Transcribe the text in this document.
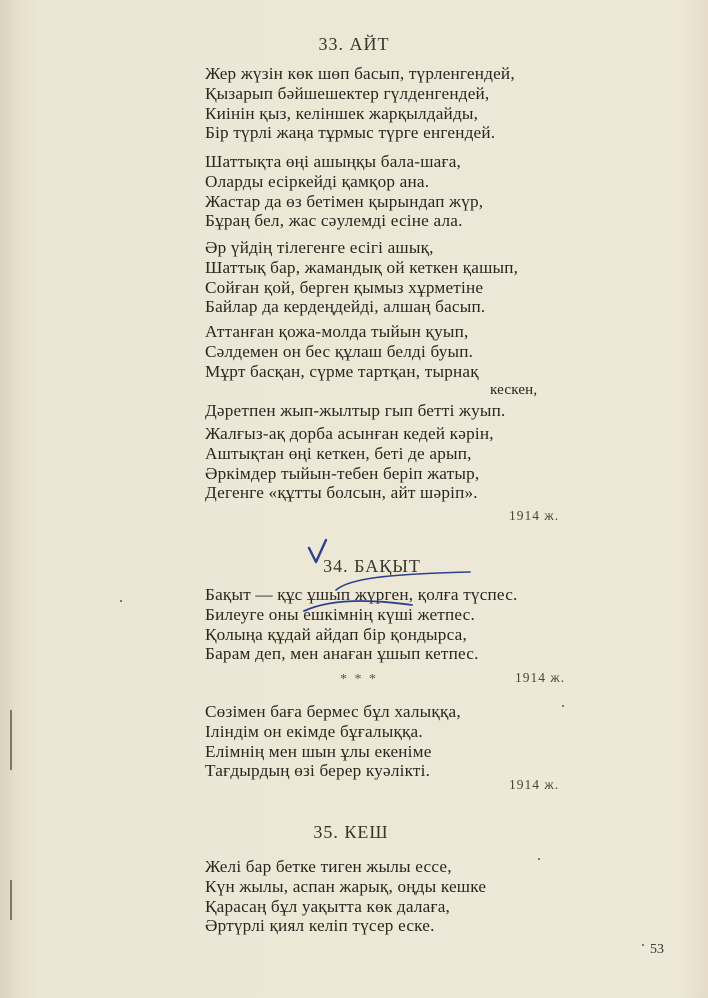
33. АЙТ
Жер жүзін көк шөп басып, түрленгендей,
Қызарып бәйшешектер гүлденгендей,
Киінін қыз, келіншек жарқылдайды,
Бір түрлі жаңа тұрмыс түрге енгендей.
Шаттықта өңі ашыңқы бала-шаға,
Оларды есіркейді қамқор ана.
Жастар да өз бетімен қырындап жүр,
Бұраң бел, жас сәулемді есіне ала.
Әр үйдің тілегенге есігі ашық,
Шаттық бар, жамандық ой кеткен қашып,
Сойған қой, берген қымыз хұрметіне
Байлар да кердеңдейді, алшаң басып.
Аттанған қожа-молда тыйын қуып,
Сәлдемен он бес құлаш белді буып.
Мұрт басқан, сүрме тартқан, тырнақ
кескен,
Дәретпен жып-жылтыр гып бетті жуып.
Жалғыз-ақ дорба асынған кедей кәрін,
Аштықтан өңі кеткен, беті де арып,
Әркімдер тыйын-тебен беріп жатыр,
Дегенге «құтты болсын, айт шәріп».
1914 ж.
34. БАҚЫТ
Бақыт — құс ұшып жүрген, қолға түспес.
Билеуге оны ешкімнің күші жетпес.
Қолыңа құдай айдап бір қондырса,
Барам деп, мен анаған ұшып кетпес.
1914 ж.
* * *
Сөзімен баға бермес бұл халыққа,
Ілiндім он екімде бұғалыққа.
Елімнің мен шын ұлы екеніме
Тағдырдың өзі берер куәлікті.
1914 ж.
35. КЕШ
Желі бар бетке тиген жылы ессе,
Күн жылы, аспан жарық, оңды кешке
Қарасаң бұл уақытта көк далаға,
Әртүрлі қиял келіп түсер еске.
53
